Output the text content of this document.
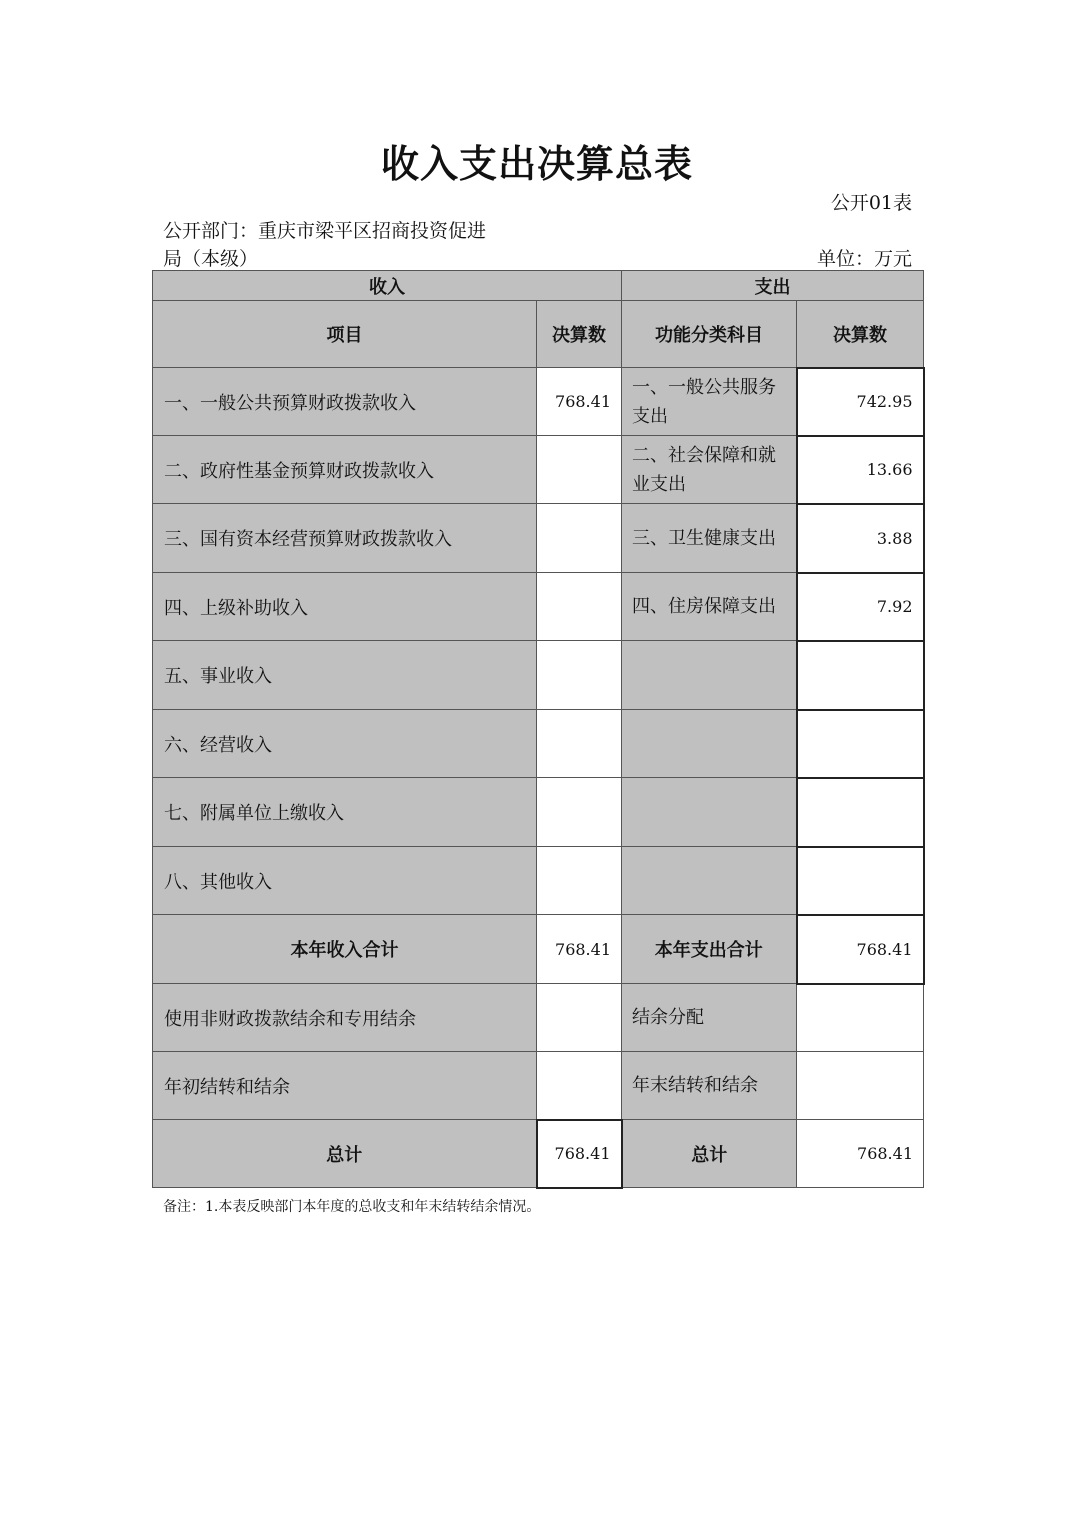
收入支出决算总表
公开01表
公开部门：重庆市梁平区招商投资促进
局（本级）	单位：万元
收入		支出	
项目	决算数	功能分类科目	决算数
一、一般公共预算财政拨款收入	768.41	一、一般公共服务支出	742.95
二、政府性基金预算财政拨款收入		二、社会保障和就业支出	13.66
三、国有资本经营预算财政拨款收入		三、卫生健康支出	3.88
四、上级补助收入		四、住房保障支出	7.92
五、事业收入			
六、经营收入			
七、附属单位上缴收入			
八、其他收入			
本年收入合计	768.41	本年支出合计	768.41
使用非财政拨款结余和专用结余		结余分配	
年初结转和结余		年末结转和结余	
总计	768.41	总计	768.41
备注：1.本表反映部门本年度的总收支和年末结转结余情况。
